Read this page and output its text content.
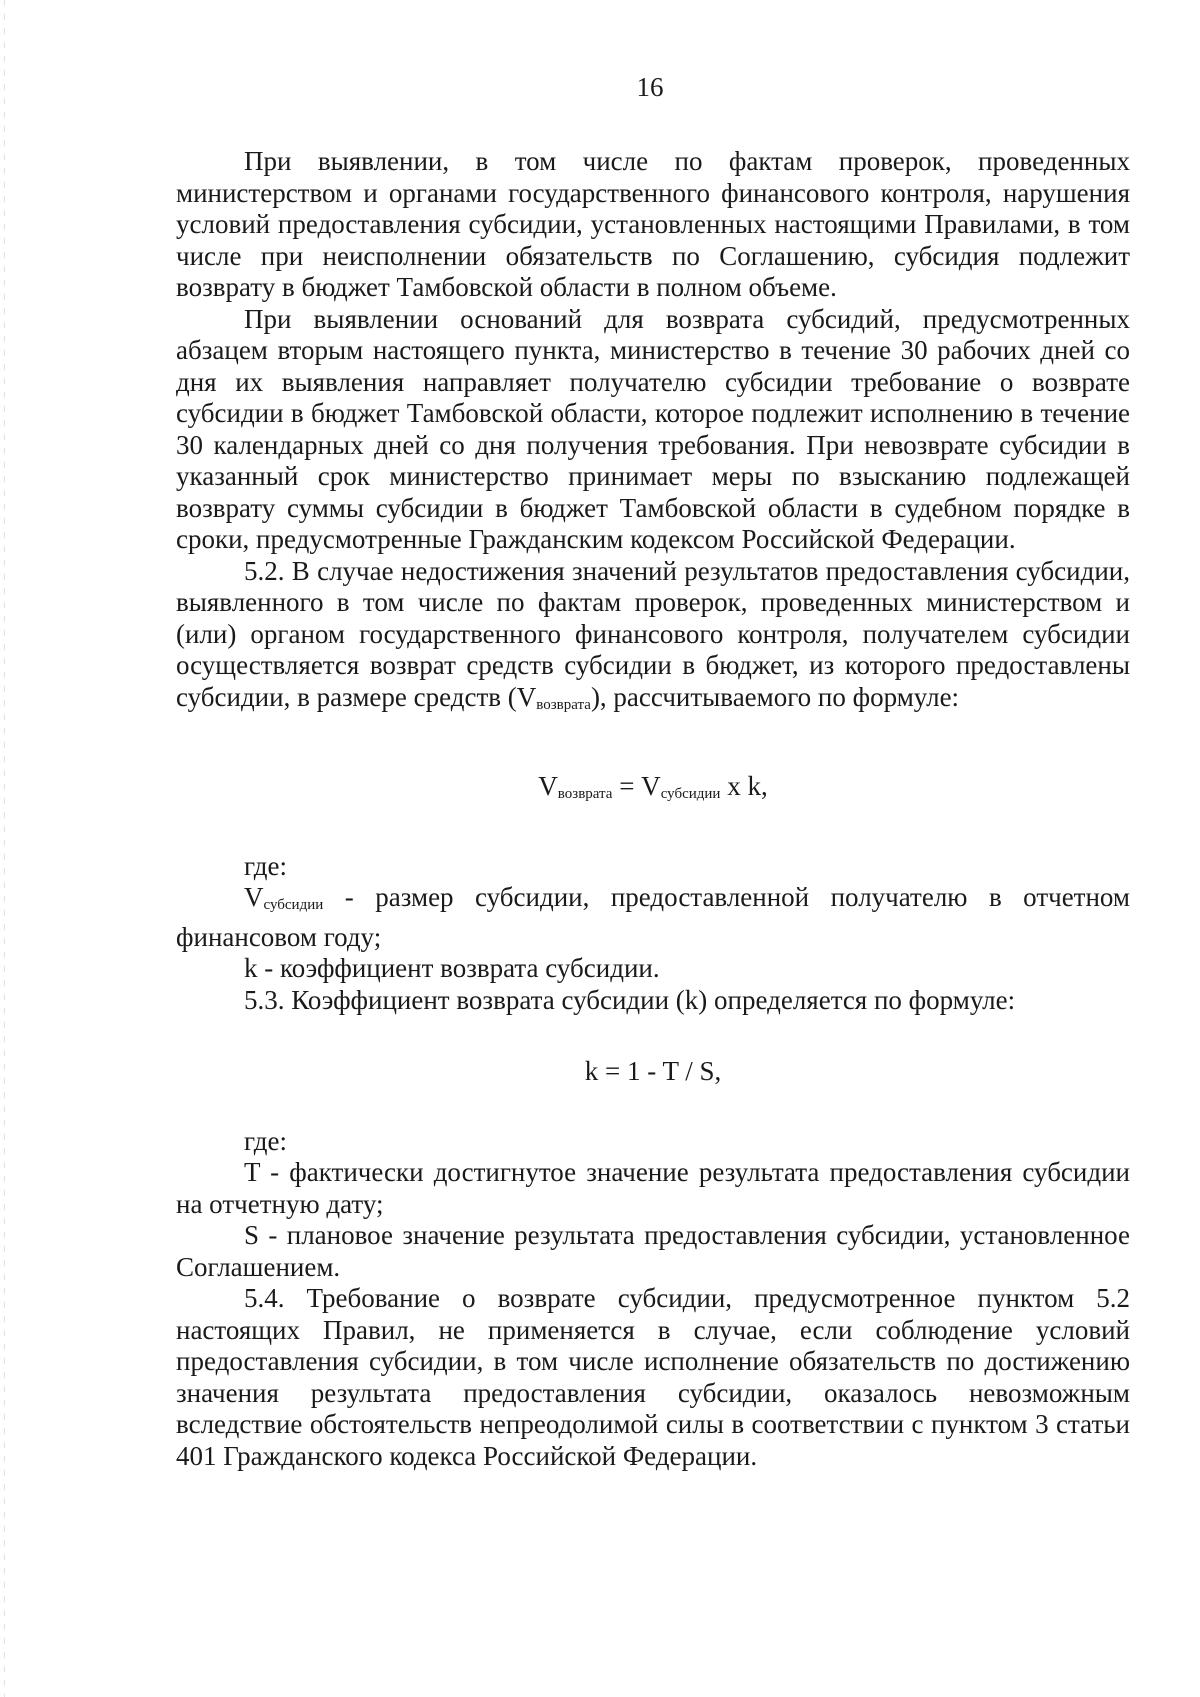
16

При выявлении, в том числе по фактам проверок, проведенных министерством и органами государственного финансового контроля, нарушения условий предоставления субсидии, установленных настоящими Правилами, в том числе при неисполнении обязательств по Соглашению, субсидия подлежит возврату в бюджет Тамбовской области в полном объеме.

При выявлении оснований для возврата субсидий, предусмотренных абзацем вторым настоящего пункта, министерство в течение 30 рабочих дней со дня их выявления направляет получателю субсидии требование о возврате субсидии в бюджет Тамбовской области, которое подлежит исполнению в течение 30 календарных дней со дня получения требования. При невозврате субсидии в указанный срок министерство принимает меры по взысканию подлежащей возврату суммы субсидии в бюджет Тамбовской области в судебном порядке в сроки, предусмотренные Гражданским кодексом Российской Федерации.

5.2. В случае недостижения значений результатов предоставления субсидии, выявленного в том числе по фактам проверок, проведенных министерством и (или) органом государственного финансового контроля, получателем субсидии осуществляется возврат средств субсидии в бюджет, из которого предоставлены субсидии, в размере средств $(V_{возврата})$, рассчитываемого по формуле:

$V_{возврата} = V_{субсидии}$ x k,

где:

$V_{субсидии}$ - размер субсидии, предоставленной получателю в отчетном финансовом году;

k - коэффициент возврата субсидии.

5.3. Коэффициент возврата субсидии (k) определяется по формуле:

k = 1 - T / S,

где:

T - фактически достигнутое значение результата предоставления субсидии на отчетную дату;

S - плановое значение результата предоставления субсидии, установленное Соглашением.

5.4. Требование о возврате субсидии, предусмотренное пунктом 5.2 настоящих Правил, не применяется в случае, если соблюдение условий предоставления субсидии, в том числе исполнение обязательств по достижению значения результата предоставления субсидии, оказалось невозможным вследствие обстоятельств непреодолимой силы в соответствии с пунктом 3 статьи 401 Гражданского кодекса Российской Федерации.
